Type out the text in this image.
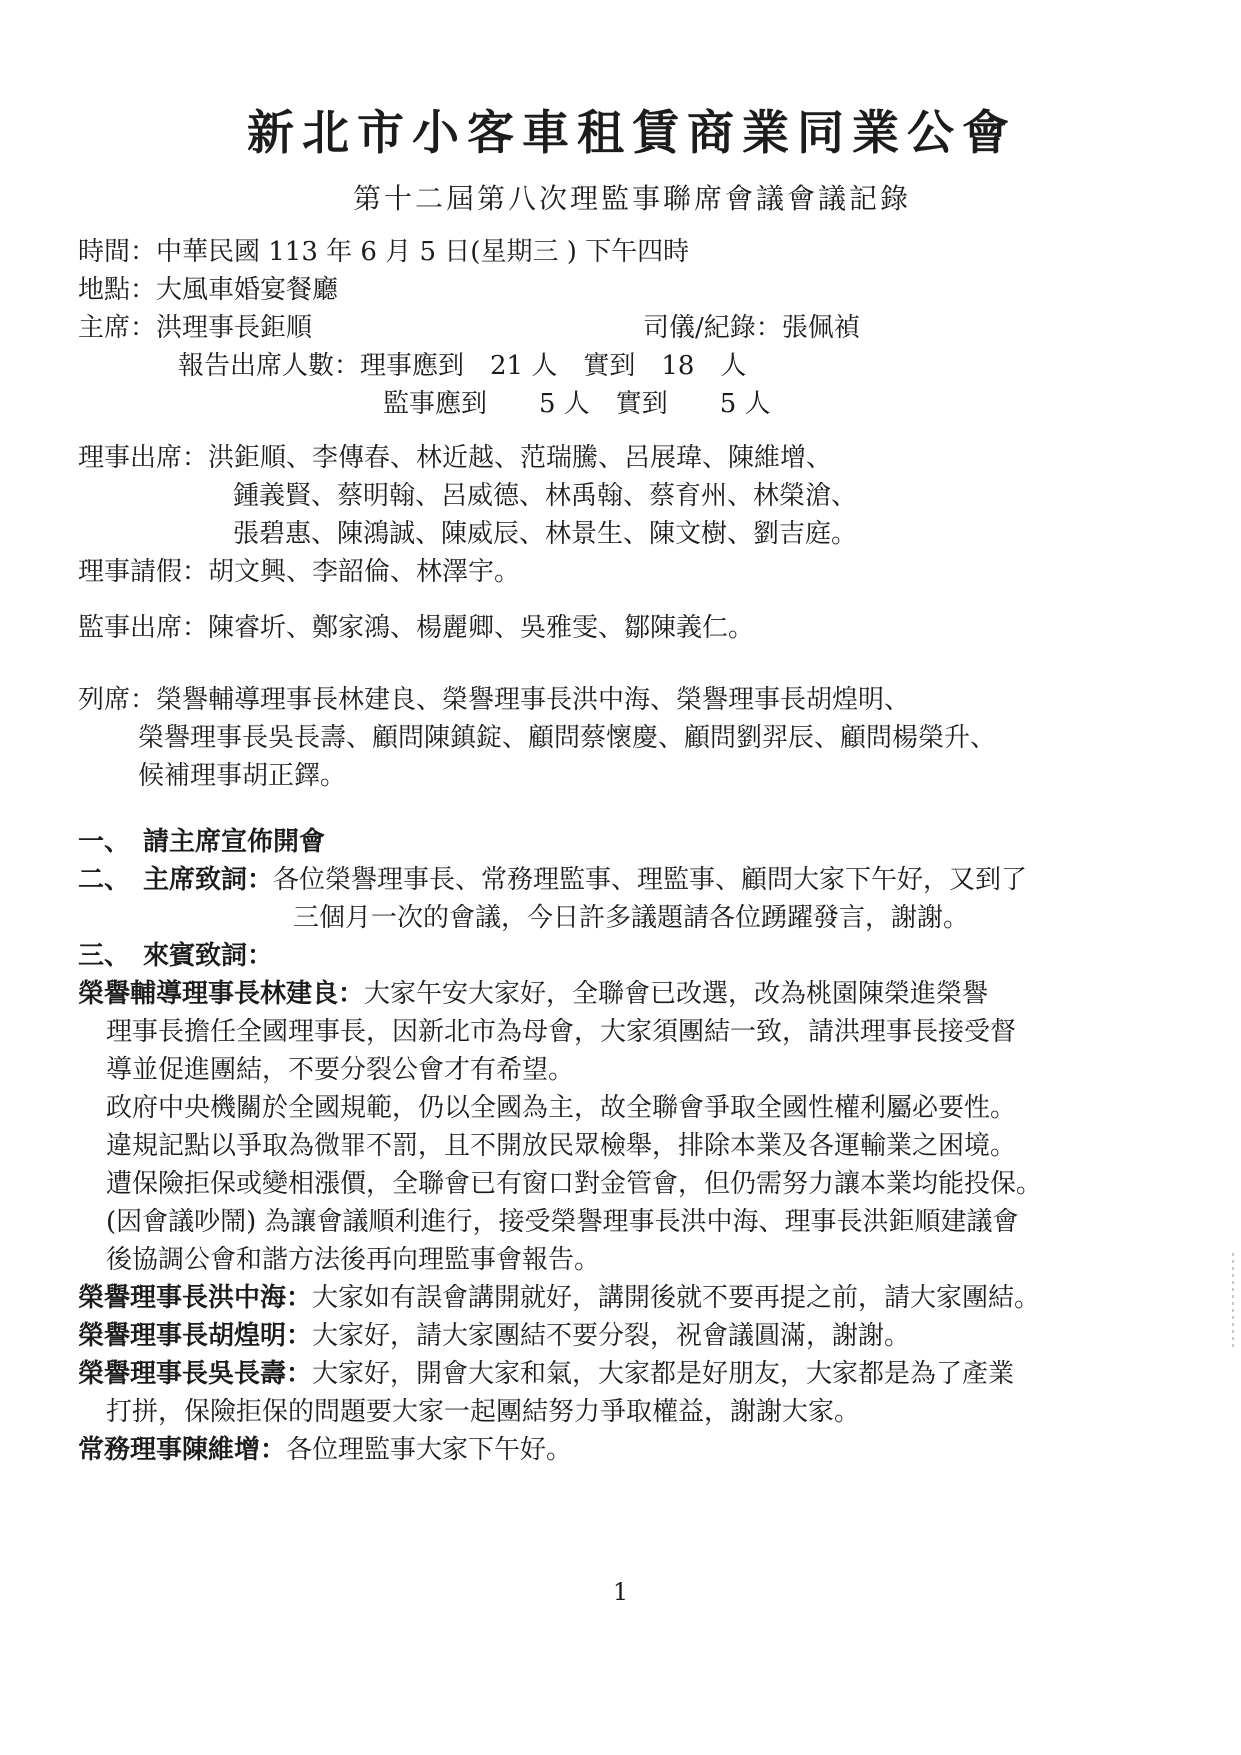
新北市小客車租賃商業同業公會
第十二屆第八次理監事聯席會議會議記錄
時間：中華民國 113 年 6 月 5 日(星期三 ) 下午四時
地點：大風車婚宴餐廳
主席：洪理事長鉅順	司儀/紀錄：張佩禎
報告出席人數：理事應到　21 人　實到　18　人
監事應到　　5 人　實到　　5 人
理事出席：洪鉅順、李傳春、林近越、范瑞騰、呂展瑋、陳維增、
鍾義賢、蔡明翰、呂威德、林禹翰、蔡育州、林榮滄、
張碧惠、陳鴻誠、陳威辰、林景生、陳文樹、劉吉庭。
理事請假：胡文興、李韶倫、林澤宇。
監事出席：陳睿圻、鄭家鴻、楊麗卿、吳雅雯、鄒陳義仁。
列席：榮譽輔導理事長林建良、榮譽理事長洪中海、榮譽理事長胡煌明、
榮譽理事長吳長壽、顧問陳鎮錠、顧問蔡懷慶、顧問劉羿辰、顧問楊榮升、
候補理事胡正鐸。
一、　請主席宣佈開會
二、　主席致詞：各位榮譽理事長、常務理監事、理監事、顧問大家下午好，又到了
三個月一次的會議，今日許多議題請各位踴躍發言，謝謝。
三、　來賓致詞：
榮譽輔導理事長林建良：大家午安大家好，全聯會已改選，改為桃園陳榮進榮譽
理事長擔任全國理事長，因新北市為母會，大家須團結一致，請洪理事長接受督
導並促進團結，不要分裂公會才有希望。
政府中央機關於全國規範，仍以全國為主，故全聯會爭取全國性權利屬必要性。
違規記點以爭取為微罪不罰，且不開放民眾檢舉，排除本業及各運輸業之困境。
遭保險拒保或變相漲價，全聯會已有窗口對金管會，但仍需努力讓本業均能投保。
(因會議吵鬧) 為讓會議順利進行，接受榮譽理事長洪中海、理事長洪鉅順建議會
後協調公會和諧方法後再向理監事會報告。
榮譽理事長洪中海：大家如有誤會講開就好，講開後就不要再提之前，請大家團結。
榮譽理事長胡煌明：大家好，請大家團結不要分裂，祝會議圓滿，謝謝。
榮譽理事長吳長壽：大家好，開會大家和氣，大家都是好朋友，大家都是為了產業
打拼，保險拒保的問題要大家一起團結努力爭取權益，謝謝大家。
常務理事陳維增：各位理監事大家下午好。
1
